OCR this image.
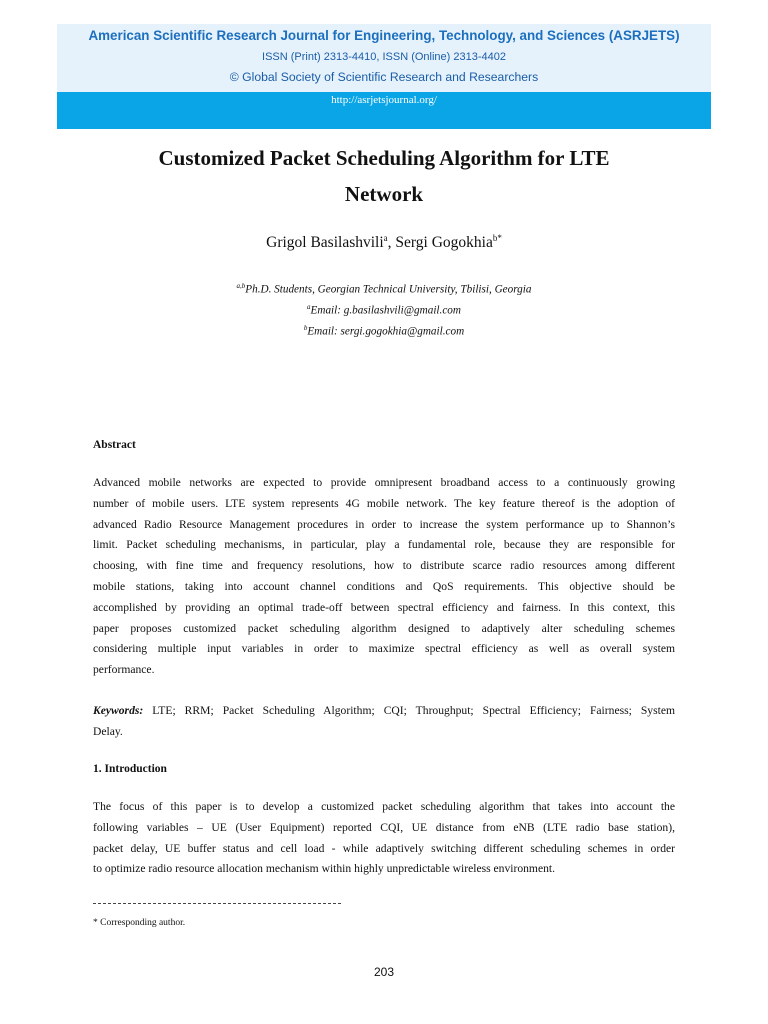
American Scientific Research Journal for Engineering, Technology, and Sciences (ASRJETS)
ISSN (Print) 2313-4410, ISSN (Online) 2313-4402
© Global Society of Scientific Research and Researchers
http://asrjetsjournal.org/
Customized Packet Scheduling Algorithm for LTE
Network
Grigol Basilashvili$^a$, Sergi Gogokhia$^{b*}$
$^{a,b}$Ph.D. Students, Georgian Technical University, Tbilisi, Georgia
$^a$Email: g.basilashvili@gmail.com
$^b$Email: sergi.gogokhia@gmail.com
Abstract
Advanced mobile networks are expected to provide omnipresent broadband access to a continuously growing
number of mobile users. LTE system represents 4G mobile network. The key feature thereof is the adoption of
advanced Radio Resource Management procedures in order to increase the system performance up to Shannon’s
limit. Packet scheduling mechanisms, in particular, play a fundamental role, because they are responsible for
choosing, with fine time and frequency resolutions, how to distribute scarce radio resources among different
mobile stations, taking into account channel conditions and QoS requirements. This objective should be
accomplished by providing an optimal trade-off between spectral efficiency and fairness. In this context, this
paper proposes customized packet scheduling algorithm designed to adaptively alter scheduling schemes
considering multiple input variables in order to maximize spectral efficiency as well as overall system
performance.
Keywords: LTE; RRM; Packet Scheduling Algorithm; CQI; Throughput; Spectral Efficiency; Fairness; System
Delay.
1. Introduction
The focus of this paper is to develop a customized packet scheduling algorithm that takes into account the
following variables – UE (User Equipment) reported CQI, UE distance from eNB (LTE radio base station),
packet delay, UE buffer status and cell load - while adaptively switching different scheduling schemes in order
to optimize radio resource allocation mechanism within highly unpredictable wireless environment.
* Corresponding author.
203
